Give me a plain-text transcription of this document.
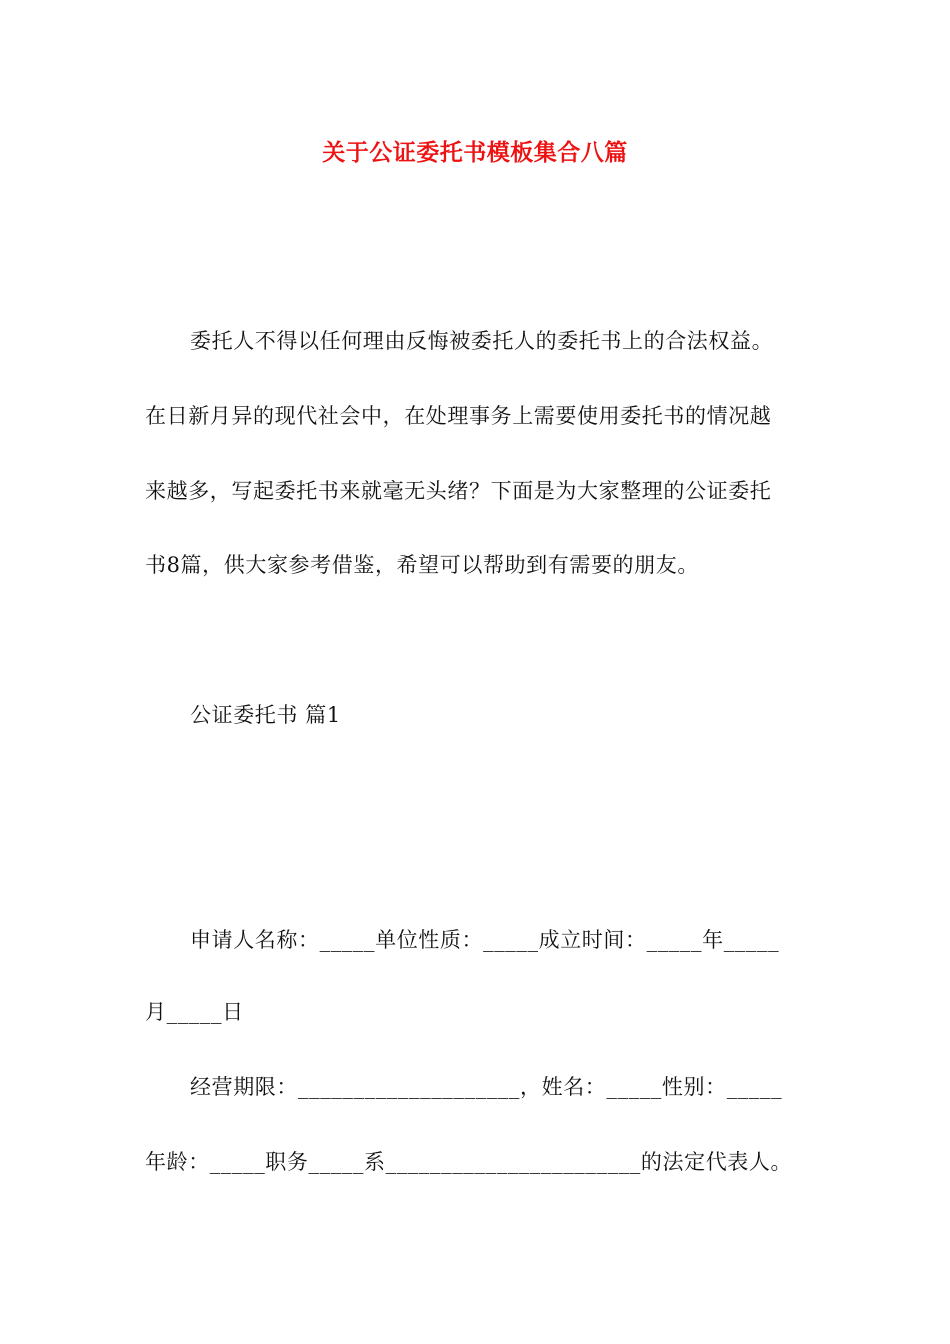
关于公证委托书模板集合八篇
委托人不得以任何理由反悔被委托人的委托书上的合法权益。
在日新月异的现代社会中，在处理事务上需要使用委托书的情况越
来越多，写起委托书来就毫无头绪？下面是为大家整理的公证委托
书8篇，供大家参考借鉴，希望可以帮助到有需要的朋友。
公证委托书 篇1
申请人名称：_____单位性质：_____成立时间：_____年_____
月_____日
经营期限：____________________，姓名：_____性别：_____
年龄：_____职务_____系_______________________的法定代表人。
